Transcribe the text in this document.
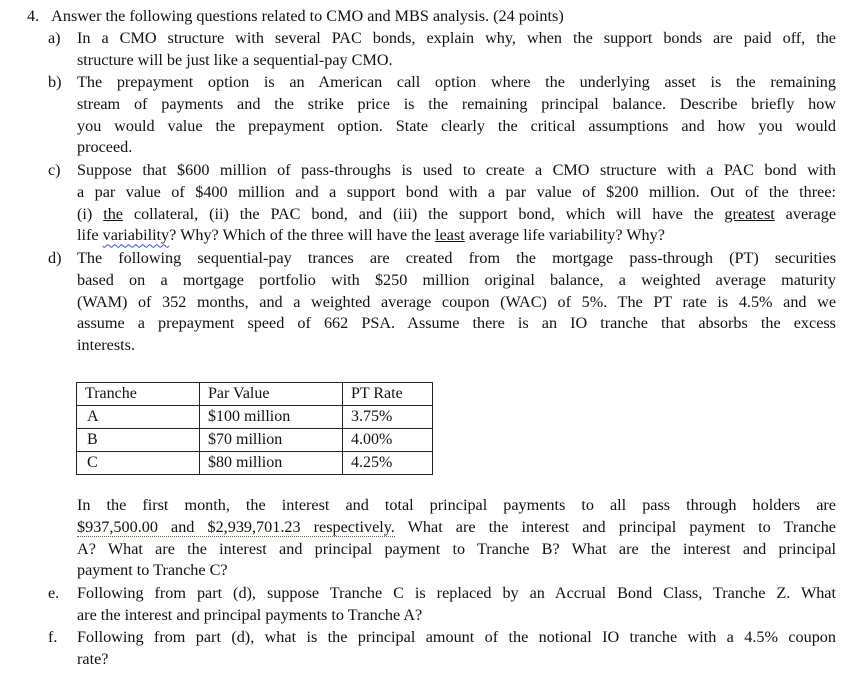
4. Answer the following questions related to CMO and MBS analysis. (24 points)
a) In a CMO structure with several PAC bonds, explain why, when the support bonds are paid off, the
structure will be just like a sequential-pay CMO.
b) The prepayment option is an American call option where the underlying asset is the remaining
stream of payments and the strike price is the remaining principal balance. Describe briefly how
you would value the prepayment option. State clearly the critical assumptions and how you would
proceed.
c) Suppose that $600 million of pass-throughs is used to create a CMO structure with a PAC bond with
a par value of $400 million and a support bond with a par value of $200 million. Out of the three:
(i) the collateral, (ii) the PAC bond, and (iii) the support bond, which will have the greatest average
life variability? Why? Which of the three will have the least average life variability? Why?
d) The following sequential-pay trances are created from the mortgage pass-through (PT) securities
based on a mortgage portfolio with $250 million original balance, a weighted average maturity
(WAM) of 352 months, and a weighted average coupon (WAC) of 5%. The PT rate is 4.5% and we
assume a prepayment speed of 662 PSA. Assume there is an IO tranche that absorbs the excess
interests.
Tranche	Par Value	PT Rate
A	$100 million	3.75%
B	$70 million	4.00%
C	$80 million	4.25%
In the first month, the interest and total principal payments to all pass through holders are
$937,500.00 and $2,939,701.23 respectively. What are the interest and principal payment to Tranche
A? What are the interest and principal payment to Tranche B? What are the interest and principal
payment to Tranche C?
e. Following from part (d), suppose Tranche C is replaced by an Accrual Bond Class, Tranche Z. What
are the interest and principal payments to Tranche A?
f. Following from part (d), what is the principal amount of the notional IO tranche with a 4.5% coupon
rate?
